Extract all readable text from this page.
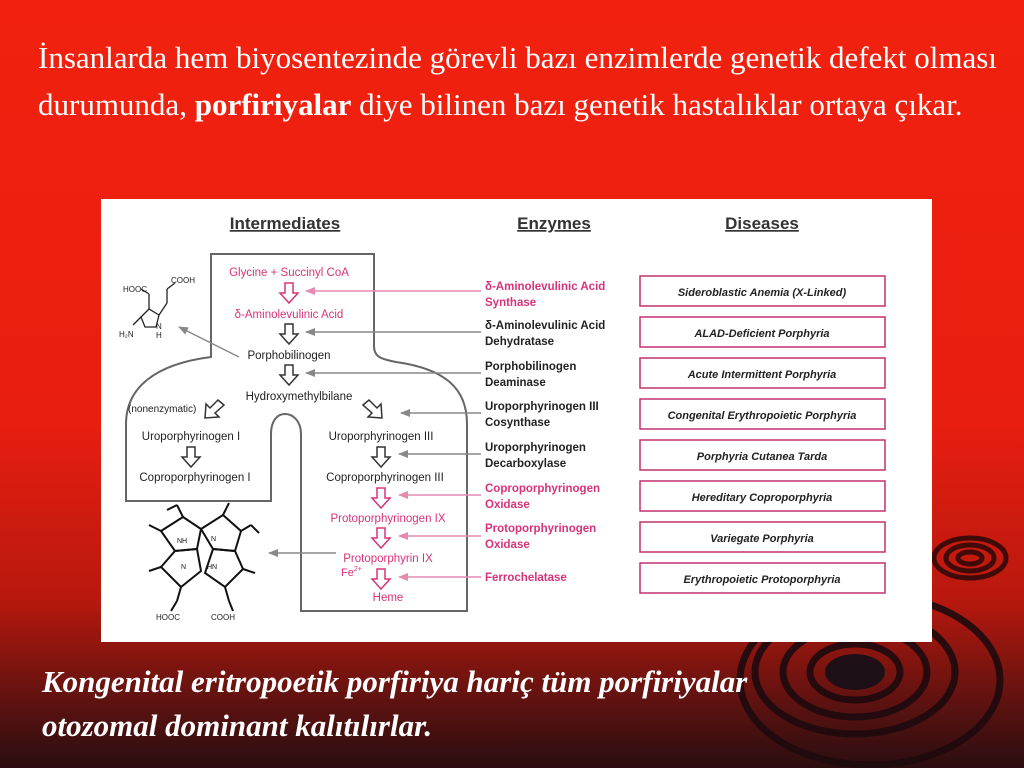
İnsanlarda hem biyosentezinde görevli bazı enzimlerde genetik defekt olması durumunda, porfiriyalar diye bilinen bazı genetik hastalıklar ortaya çıkar.
Intermediates	Enzymes	Diseases
COOH
HOOC
H₂N
N
H
NH	N
N	HN
HOOC	COOH
Glycine + Succinyl CoA
δ-Aminolevulinic Acid
Porphobilinogen
Hydroxymethylbilane
(nonenzymatic)
Uroporphyrinogen I
Coproporphyrinogen I
Uroporphyrinogen III
Coproporphyrinogen III
Protoporphyrinogen IX
Protoporphyrin IX
$Fe^{2+}$
Heme
δ-Aminolevulinic Acid
Synthase
δ-Aminolevulinic Acid
Dehydratase
Porphobilinogen
Deaminase
Uroporphyrinogen III
Cosynthase
Uroporphyrinogen
Decarboxylase
Coproporphyrinogen
Oxidase
Protoporphyrinogen
Oxidase
Ferrochelatase
Sideroblastic Anemia (X-Linked)
ALAD-Deficient Porphyria
Acute Intermittent Porphyria
Congenital Erythropoietic Porphyria
Porphyria Cutanea Tarda
Hereditary Coproporphyria
Variegate Porphyria
Erythropoietic Protoporphyria
Kongenital eritropoetik porfiriya hariç tüm porfiriyalar otozomal dominant kalıtılırlar.
